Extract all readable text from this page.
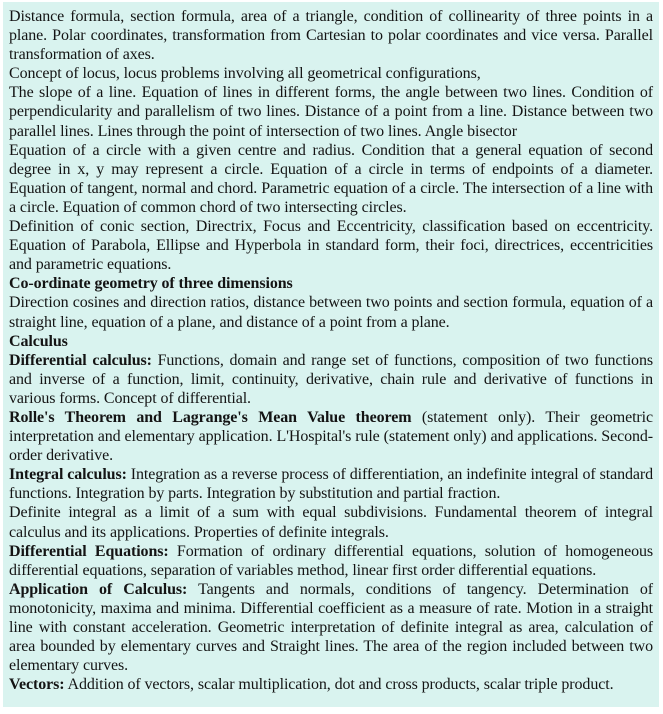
Distance formula, section formula, area of a triangle, condition of collinearity of three points in a plane. Polar coordinates, transformation from Cartesian to polar coordinates and vice versa. Parallel transformation of axes.

Concept of locus, locus problems involving all geometrical configurations,

The slope of a line. Equation of lines in different forms, the angle between two lines. Condition of perpendicularity and parallelism of two lines. Distance of a point from a line. Distance between two parallel lines. Lines through the point of intersection of two lines. Angle bisector

Equation of a circle with a given centre and radius. Condition that a general equation of second degree in x, y may represent a circle. Equation of a circle in terms of endpoints of a diameter. Equation of tangent, normal and chord. Parametric equation of a circle. The intersection of a line with a circle. Equation of common chord of two intersecting circles.

Definition of conic section, Directrix, Focus and Eccentricity, classification based on eccentricity. Equation of Parabola, Ellipse and Hyperbola in standard form, their foci, directrices, eccentricities and parametric equations.

Co-ordinate geometry of three dimensions

Direction cosines and direction ratios, distance between two points and section formula, equation of a straight line, equation of a plane, and distance of a point from a plane.

Calculus

Differential calculus: Functions, domain and range set of functions, composition of two functions and inverse of a function, limit, continuity, derivative, chain rule and derivative of functions in various forms. Concept of differential.

Rolle's Theorem and Lagrange's Mean Value theorem (statement only). Their geometric interpretation and elementary application. L'Hospital's rule (statement only) and applications. Second-order derivative.

Integral calculus: Integration as a reverse process of differentiation, an indefinite integral of standard functions. Integration by parts. Integration by substitution and partial fraction.

Definite integral as a limit of a sum with equal subdivisions. Fundamental theorem of integral calculus and its applications. Properties of definite integrals.

Differential Equations: Formation of ordinary differential equations, solution of homogeneous differential equations, separation of variables method, linear first order differential equations.

Application of Calculus: Tangents and normals, conditions of tangency. Determination of monotonicity, maxima and minima. Differential coefficient as a measure of rate. Motion in a straight line with constant acceleration. Geometric interpretation of definite integral as area, calculation of area bounded by elementary curves and Straight lines. The area of the region included between two elementary curves.

Vectors: Addition of vectors, scalar multiplication, dot and cross products, scalar triple product.
